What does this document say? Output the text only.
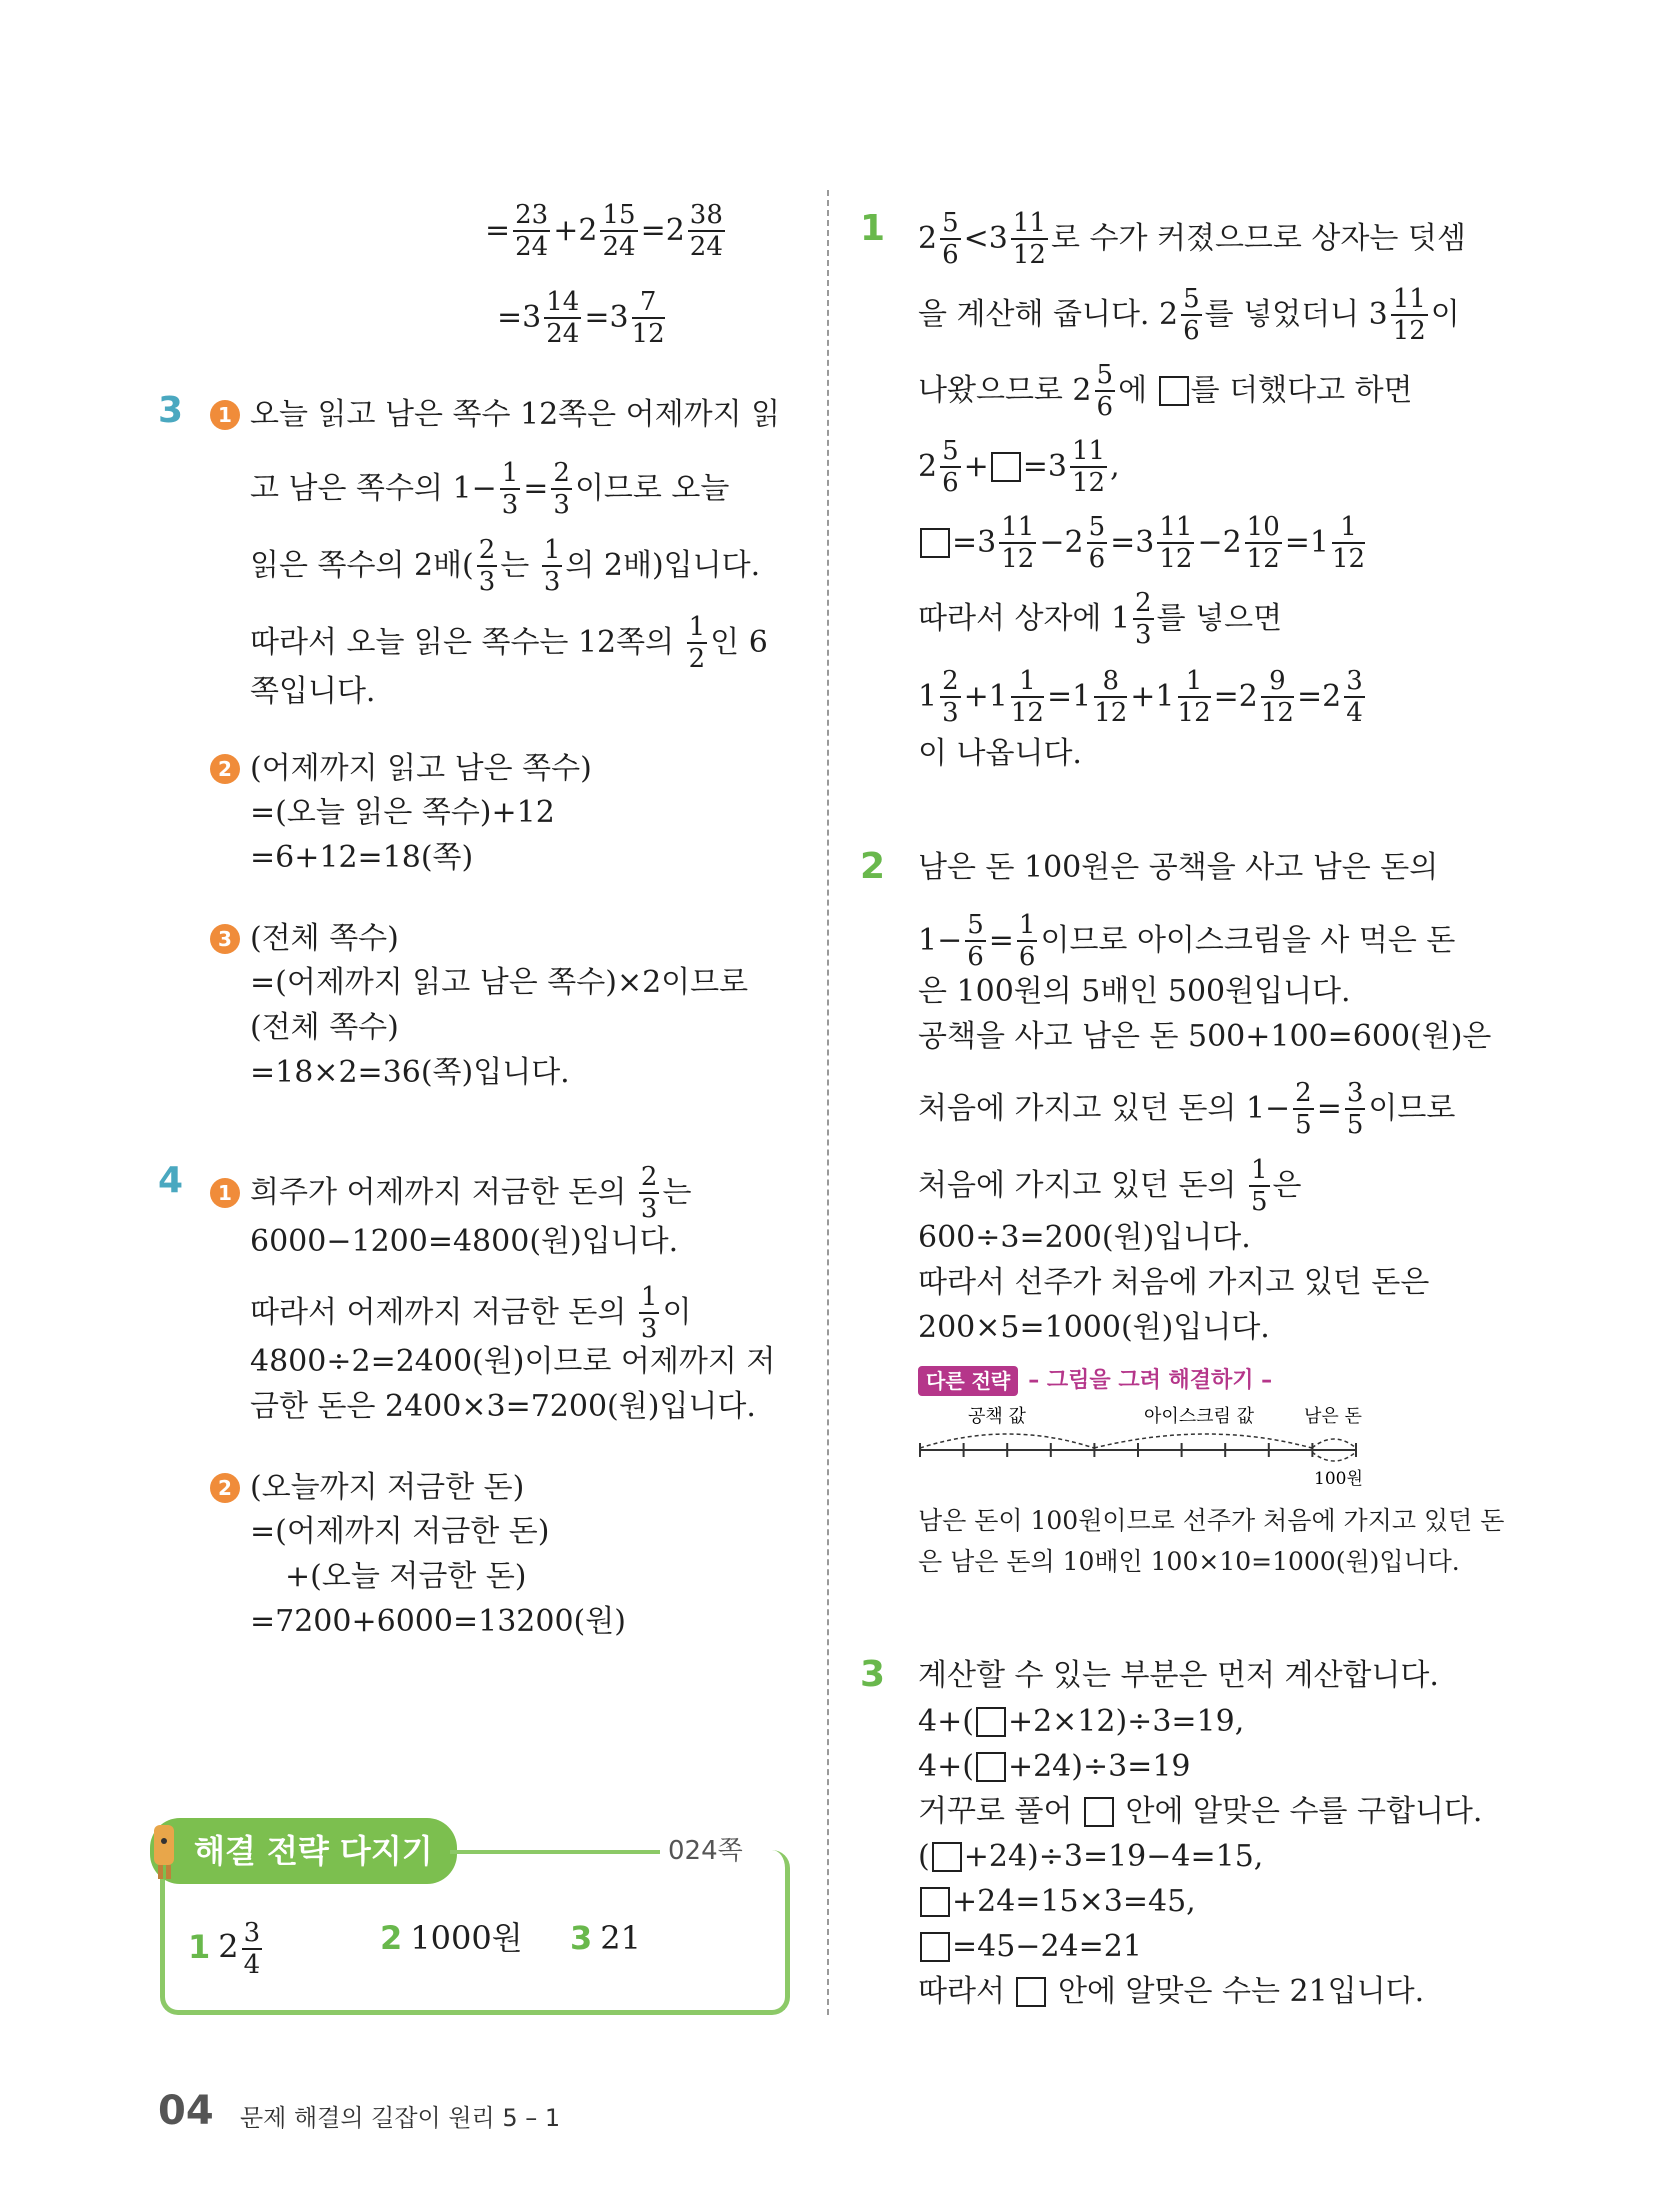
= $\frac{23}{24} +2 \frac{15}{24} =2 \frac{38}{24}$
$=3 \frac{14}{24} =3 \frac{7}{12}$
3	1 오늘 읽고 남은 쪽수 12쪽은 어제까지 읽
고 남은 쪽수의 $1- \frac{1}{3} = \frac{2}{3}$ 이므로 오늘
읽은 쪽수의 2배( $\frac{2}{3}$ 는 $\frac{1}{3}$ 의 2배)입니다.
따라서 오늘 읽은 쪽수는 12쪽의 $\frac{1}{2}$ 인 6
쪽입니다.
2 (어제까지 읽고 남은 쪽수)
=(오늘 읽은 쪽수)+12
=6+12=18(쪽)
3 (전체 쪽수)
=(어제까지 읽고 남은 쪽수)×2이므로
(전체 쪽수)
=18×2=36(쪽)입니다.
4	1 희주가 어제까지 저금한 돈의 $\frac{2}{3}$ 는
6000−1200=4800(원)입니다.
따라서 어제까지 저금한 돈의 $\frac{1}{3}$ 이
4800÷2=2400(원)이므로 어제까지 저
금한 돈은 2400×3=7200(원)입니다.
2 (오늘까지 저금한 돈)
=(어제까지 저금한 돈)
+(오늘 저금한 돈)
=7200+6000=13200(원)
해결 전략 다지기	024쪽
1 $2 \frac{3}{4}$	2 1000원 3 21
1 $2 \frac{5}{6} <3 \frac{11}{12}$ 로 수가 커졌으므로 상자는 덧셈
을 계산해 줍니다. $2 \frac{5}{6}$ 를 넣었더니 $3 \frac{11}{12}$ 이
나왔으므로 $2 \frac{5}{6}$ 에 를 더했다고 하면
$2 \frac{5}{6} + =3 \frac{11}{12}$ ,
$=3 \frac{11}{12} -2 \frac{5}{6} =3 \frac{11}{12} -2 \frac{10}{12} =1 \frac{1}{12}$
따라서 상자에 $1 \frac{2}{3}$ 를 넣으면
$1 \frac{2}{3} +1 \frac{1}{12} =1 \frac{8}{12} +1 \frac{1}{12} =2 \frac{9}{12} =2 \frac{3}{4}$
이 나옵니다.
2 남은 돈 100원은 공책을 사고 남은 돈의
$1- \frac{5}{6} = \frac{1}{6}$ 이므로 아이스크림을 사 먹은 돈
은 100원의 5배인 500원입니다.
공책을 사고 남은 돈 500+100=600(원)은
처음에 가지고 있던 돈의 $1- \frac{2}{5} = \frac{3}{5}$ 이므로
처음에 가지고 있던 돈의 $\frac{1}{5}$ 은
600÷3=200(원)입니다.
따라서 선주가 처음에 가지고 있던 돈은
200×5=1000(원)입니다.
다른 전략 – 그림을 그려 해결하기 –
공책 값	아이스크림 값	남은 돈
100원
남은 돈이 100원이므로 선주가 처음에 가지고 있던 돈
은 남은 돈의 10배인 100×10=1000(원)입니다.
3 계산할 수 있는 부분은 먼저 계산합니다.
4+( +2×12)÷3=19,
4+( +24)÷3=19
거꾸로 풀어  안에 알맞은 수를 구합니다.
( +24)÷3=19−4=15,
+24=15×3=45,
=45−24=21
따라서  안에 알맞은 수는 21입니다.
04 문제 해결의 길잡이 원리 5 – 1
